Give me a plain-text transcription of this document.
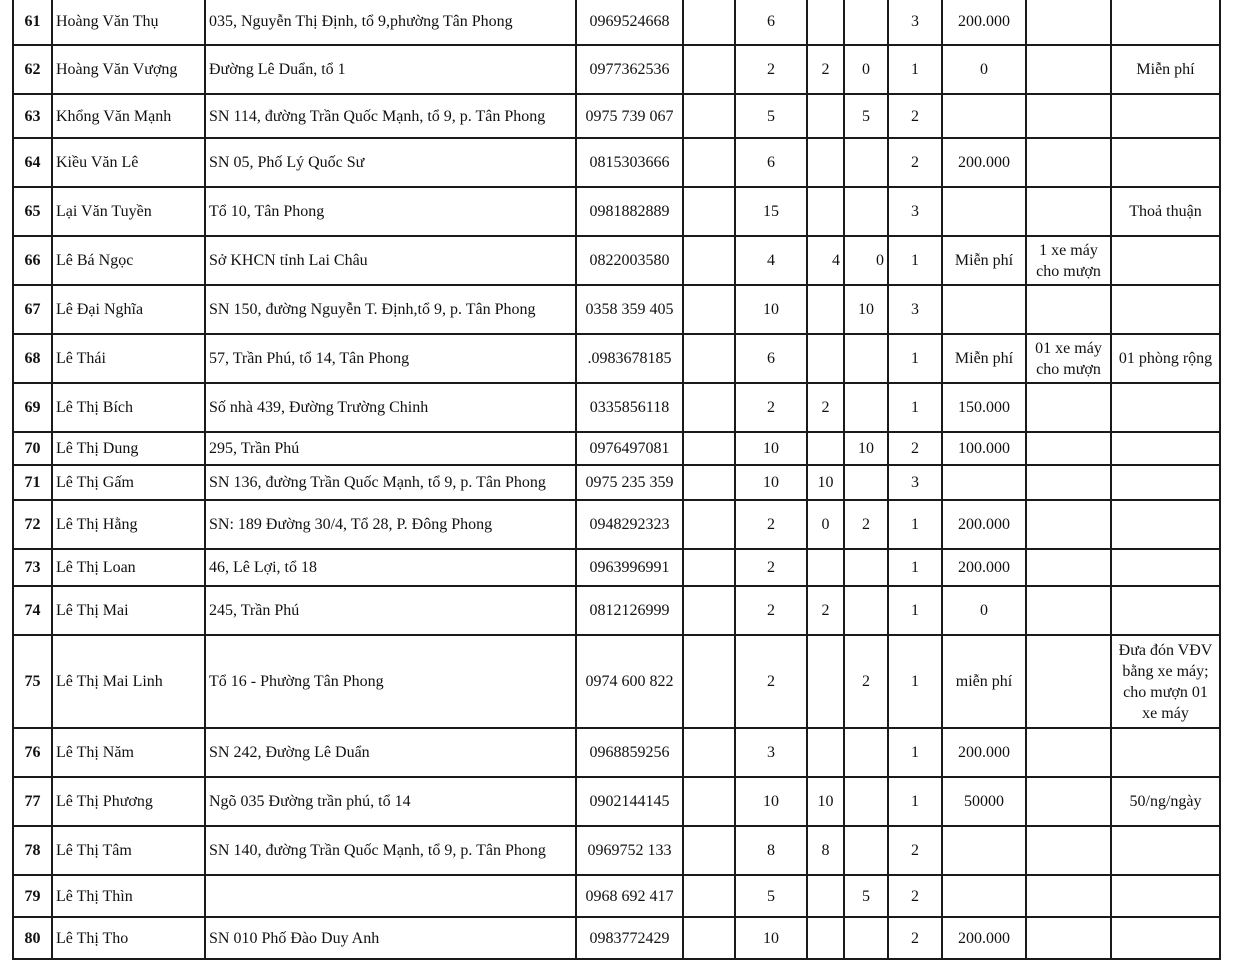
61	Hoàng Văn Thụ	035, Nguyễn Thị Định, tổ 9,phường Tân Phong	0969524668		6			3	200.000		
62	Hoàng Văn Vượng	Đường Lê Duẩn, tổ 1	0977362536		2	2	0	1	0		Miễn phí
63	Khổng Văn Mạnh	SN 114, đường Trần Quốc Mạnh, tổ 9, p. Tân Phong	0975 739 067		5		5	2			
64	Kiều Văn Lê	SN 05, Phố Lý Quốc Sư	0815303666		6			2	200.000		
65	Lại Văn Tuyền	Tổ 10, Tân Phong	0981882889		15			3			Thoả thuận
66	Lê Bá Ngọc	Sở KHCN tỉnh Lai Châu	0822003580		4	4	0	1	Miễn phí	1 xe máy cho mượn	
67	Lê Đại Nghĩa	SN 150, đường Nguyễn T. Định,tổ 9, p. Tân Phong	0358 359 405		10		10	3			
68	Lê Thái	57, Trần Phú, tổ 14, Tân Phong	.0983678185		6			1	Miễn phí	01 xe máy cho mượn	01 phòng rộng
69	Lê Thị Bích	Số nhà 439, Đường Trường Chinh	0335856118		2	2		1	150.000		
70	Lê Thị Dung	295, Trần Phú	0976497081		10		10	2	100.000		
71	Lê Thị Gấm	SN 136, đường Trần Quốc Mạnh, tổ 9, p. Tân Phong	0975 235 359		10	10		3			
72	Lê Thị Hằng	SN: 189 Đường 30/4, Tổ 28, P. Đông Phong	0948292323		2	0	2	1	200.000		
73	Lê Thị Loan	46, Lê Lợi, tổ 18	0963996991		2			1	200.000		
74	Lê Thị Mai	245, Trần Phú	0812126999		2	2		1	0		
75	Lê Thị Mai Linh	Tổ 16 - Phường Tân Phong	0974 600 822		2		2	1	miễn phí		Đưa đón VĐV bằng xe máy; cho mượn 01 xe máy
76	Lê Thị Năm	SN 242, Đường Lê Duẩn	0968859256		3			1	200.000		
77	Lê Thị Phương	Ngõ 035 Đường trần phú, tổ 14	0902144145		10	10		1	50000		50/ng/ngày
78	Lê Thị Tâm	SN 140, đường Trần Quốc Mạnh, tổ 9, p. Tân Phong	0969752 133		8	8		2			
79	Lê Thị Thìn		0968 692 417		5		5	2			
80	Lê Thị Tho	SN 010 Phố Đào Duy Anh	0983772429		10			2	200.000		
